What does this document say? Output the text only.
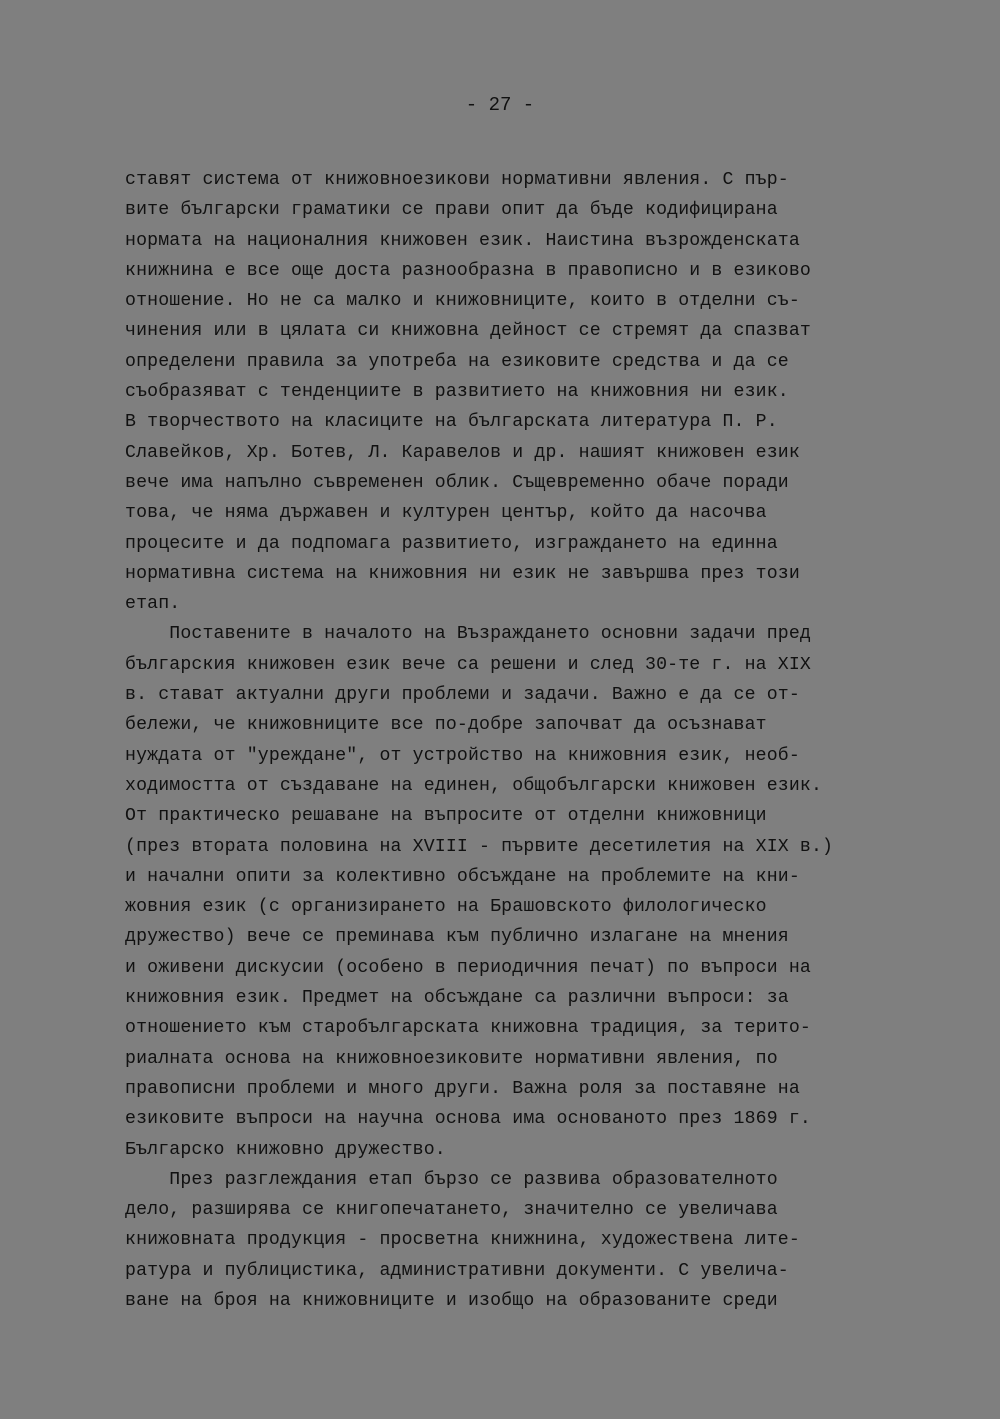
- 27 -
ставят система от книжовноезикови нормативни явления. С пър-
вите български граматики се прави опит да бъде кодифицирана
нормата на националния книжовен език. Наистина възрожденската
книжнина е все още доста разнообразна в правописно и в езиково
отношение. Но не са малко и книжовниците, които в отделни съ-
чинения или в цялата си книжовна дейност се стремят да спазват
определени правила за употреба на езиковите средства и да се
съобразяват с тенденциите в развитието на книжовния ни език.
В творчеството на класиците на българската литература П. Р.
Славейков, Хр. Ботев, Л. Каравелов и др. нашият книжовен език
вече има напълно съвременен облик. Същевременно обаче поради
това, че няма държавен и културен център, който да насочва
процесите и да подпомага развитието, изграждането на единна
нормативна система на книжовния ни език не завършва през този
етап.
Поставените в началото на Възраждането основни задачи пред
българския книжовен език вече са решени и след 30-те г. на XIX
в. стават актуални други проблеми и задачи. Важно е да се от-
бележи, че книжовниците все по-добре започват да осъзнават
нуждата от "уреждане", от устройство на книжовния език, необ-
ходимостта от създаване на единен, общобългарски книжовен език.
От практическо решаване на въпросите от отделни книжовници
(през втората половина на XVIII - първите десетилетия на XIX в.)
и начални опити за колективно обсъждане на проблемите на кни-
жовния език (с организирането на Брашовското филологическо
дружество) вече се преминава към публично излагане на мнения
и оживени дискусии (особено в периодичния печат) по въпроси на
книжовния език. Предмет на обсъждане са различни въпроси: за
отношението към старобългарската книжовна традиция, за терито-
риалната основа на книжовноезиковите нормативни явления, по
правописни проблеми и много други. Важна роля за поставяне на
езиковите въпроси на научна основа има основаното през 1869 г.
Българско книжовно дружество.
През разглеждания етап бързо се развива образователното
дело, разширява се книгопечатането, значително се увеличава
книжовната продукция - просветна книжнина, художествена лите-
ратура и публицистика, административни документи. С увелича-
ване на броя на книжовниците и изобщо на образованите среди
